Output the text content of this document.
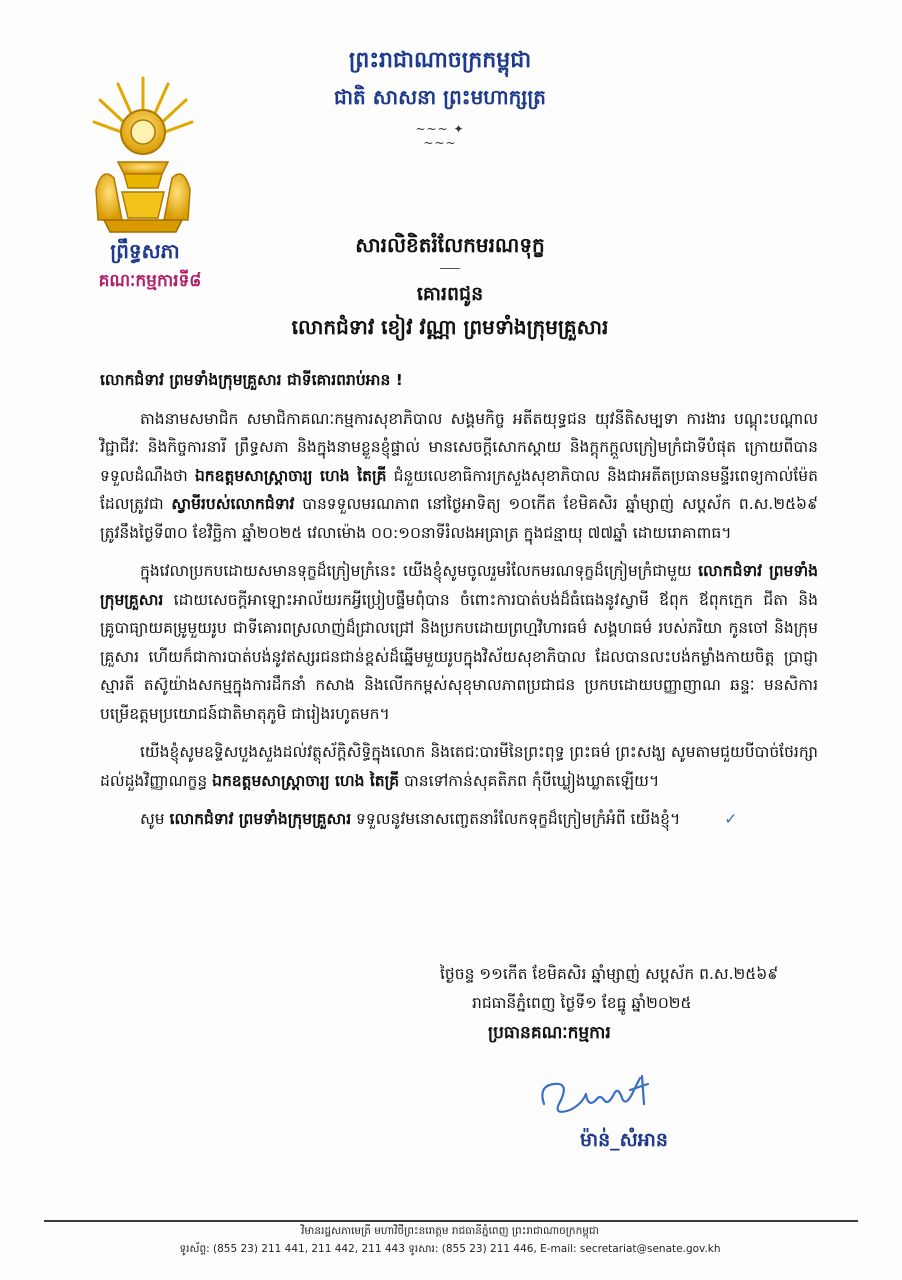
ព្រឹទ្ធសភា
គណៈកម្មការទី៨
ព្រះរាជាណាចក្រកម្ពុជា
ជាតិ សាសនា ព្រះមហាក្សត្រ
~~~ ✦ ~~~
សារលិខិតរំលែកមរណទុក្ខ
គោរពជូន
លោកជំទាវ ខៀវ វណ្ណា ព្រមទាំងក្រុមគ្រួសារ

លោកជំទាវ ព្រមទាំងក្រុមគ្រួសារ ជាទីគោរពរាប់អាន !

តាងនាមសមាជិក សមាជិកាគណៈកម្មការសុខាភិបាល សង្គមកិច្ច អតីតយុទ្ធជន យុវនីតិសម្បទា ការងារ បណ្តុះបណ្តាលវិជ្ជាជីវៈ និងកិច្ចការនារី ព្រឹទ្ធសភា និងក្នុងនាមខ្លួនខ្ញុំផ្ទាល់ មានសេចក្តីសោកស្តាយ និងក្តុកក្តួលក្រៀមក្រំជាទីបំផុត ក្រោយពីបានទទួលដំណឹងថា ឯកឧត្តមសាស្ត្រាចារ្យ ហេង តៃគ្រី ជំនួយលេខាធិការក្រសួងសុខាភិបាល និងជាអតីតប្រធានមន្ទីរពេទ្យកាល់ម៉ែត ដែលត្រូវជា ស្វាមីរបស់លោកជំទាវ បានទទួលមរណភាព នៅថ្ងៃអាទិត្យ ១០កើត ខែមិគសិរ ឆ្នាំម្សាញ់ សប្តស័ក ព.ស.២៥៦៩ ត្រូវនឹងថ្ងៃទី៣០ ខែវិច្ឆិកា ឆ្នាំ២០២៥ វេលាម៉ោង ០០:១០នាទីរំលងអធ្រាត្រ ក្នុងជន្មាយុ ៧៧ឆ្នាំ ដោយរោគាពាធ។

ក្នុងវេលាប្រកបដោយសមានទុក្ខដ៏ក្រៀមក្រំនេះ យើងខ្ញុំសូមចូលរួមរំលែកមរណទុក្ខដ៏ក្រៀមក្រំជាមួយ លោកជំទាវ ព្រមទាំងក្រុមគ្រួសារ ដោយសេចក្តីអាឡោះអាល័យរកអ្វីប្រៀបផ្ទឹមពុំបាន ចំពោះការបាត់បង់ដ៏ធំធេងនូវស្វាមី ឪពុក ឪពុកក្មេក ជីតា និងគ្រូបាធ្យាយគម្រូមួយរូប ជាទីគោរពស្រលាញ់ដ៏ជ្រាលជ្រៅ និងប្រកបដោយព្រហ្មវិហារធម៌ សង្គហធម៌ របស់ភរិយា កូនចៅ និងក្រុមគ្រួសារ ហើយក៏ជាការបាត់បង់នូវឥស្សរជនជាន់ខ្ពស់ដ៏ឆ្នើមមួយរូបក្នុងវិស័យសុខាភិបាល ដែលបានលះបង់កម្លាំងកាយចិត្ត ប្រាជ្ញាស្មារតី តស៊ូយ៉ាងសកម្មក្នុងការដឹកនាំ កសាង និងលើកកម្ពស់សុខុមាលភាពប្រជាជន ប្រកបដោយបញ្ញាញាណ ឆន្ទៈ មនសិការ បម្រើឧត្តមប្រយោជន៍ជាតិមាតុភូមិ ជារៀងរហូតមក។

យើងខ្ញុំសូមឧទ្ទិសបួងសួងដល់វត្ថុស័ក្តិសិទ្ធិក្នុងលោក និងតេជៈបារមីនៃព្រះពុទ្ធ ព្រះធម៌ ព្រះសង្ឃ សូមតាមជួយបីបាច់ថែរក្សាដល់ដួងវិញ្ញាណក្ខន្ធ ឯកឧត្តមសាស្ត្រាចារ្យ ហេង តៃគ្រី បានទៅកាន់សុគតិភព កុំបីឃ្លៀងឃ្លាតឡើយ។

សូម លោកជំទាវ ព្រមទាំងក្រុមគ្រួសារ ទទួលនូវមនោសញ្ចេតនារំលែកទុក្ខដ៏ក្រៀមក្រំអំពី យើងខ្ញុំ។	✓

ថ្ងៃចន្ទ ១១កើត ខែមិគសិរ ឆ្នាំម្សាញ់ សប្តស័ក ព.ស.២៥៦៩
រាជធានីភ្នំពេញ ថ្ងៃទី១ ខែធ្នូ ឆ្នាំ២០២៥
ប្រធានគណៈកម្មការ
ម៉ាន់_សំអាន
វិមានរដ្ឋសភាមេត្រី មហាវិថីព្រះនរោត្តម រាជធានីភ្នំពេញ ព្រះរាជាណាចក្រកម្ពុជា
ទូរស័ព្ទ: (855 23) 211 441, 211 442, 211 443 ទូរសារ: (855 23) 211 446, E-mail: secretariat@senate.gov.kh
